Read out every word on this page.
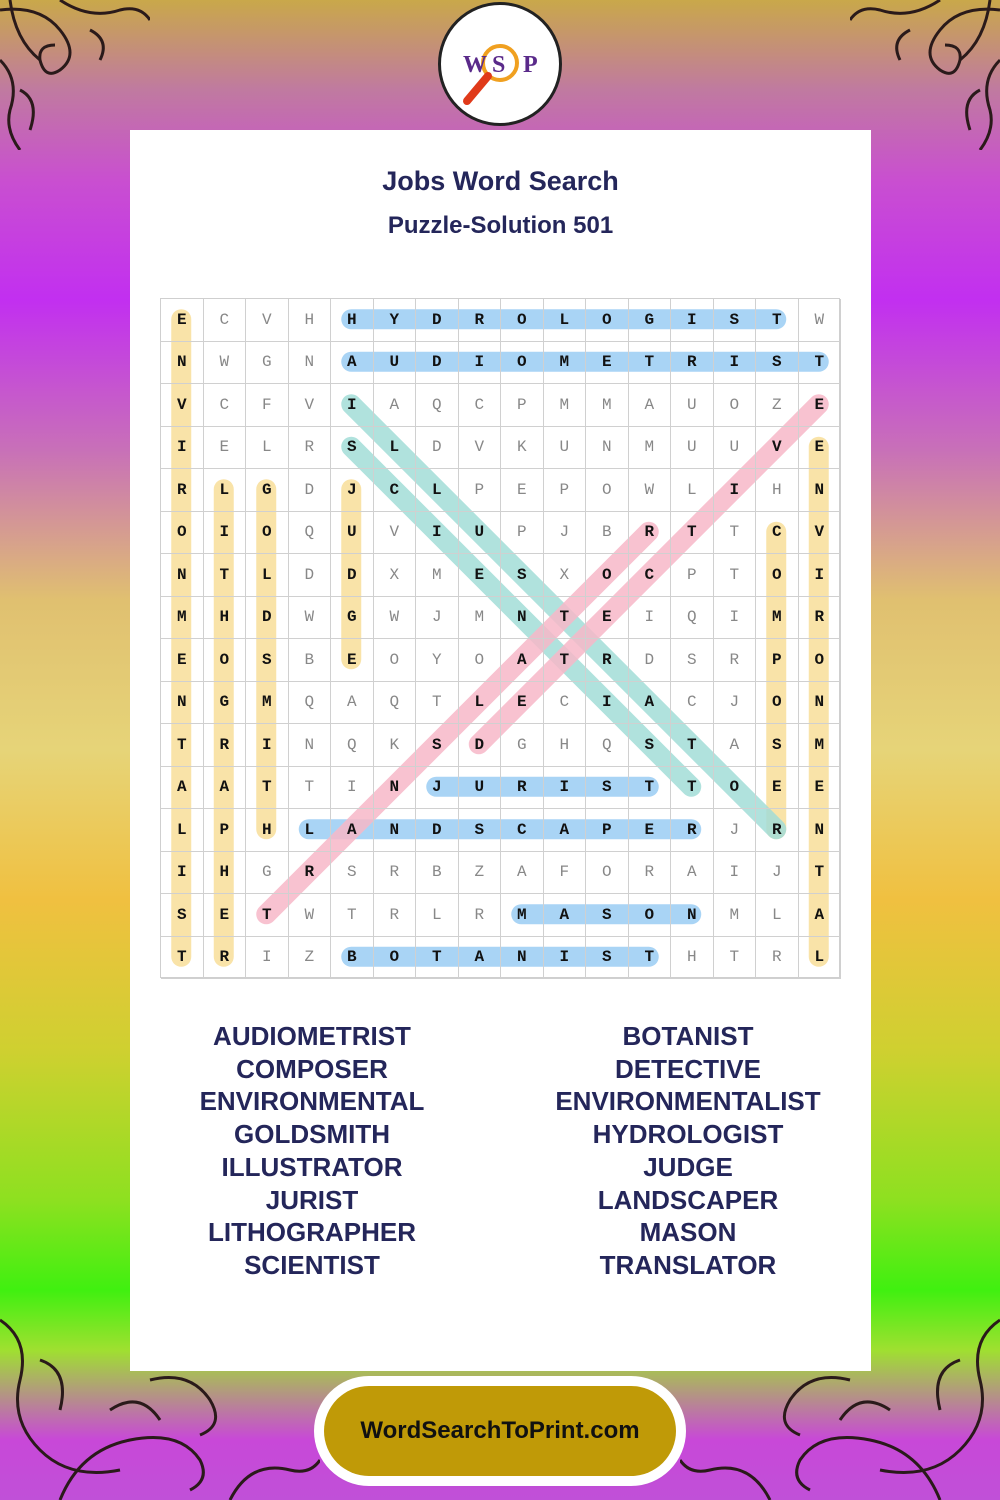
W S P
Jobs Word Search
Puzzle-Solution 501
E	C	V	H	H	Y	D	R	O	L	O	G	I	S	T	W
N	W	G	N	A	U	D	I	O	M	E	T	R	I	S	T
V	C	F	V	I	A	Q	C	P	M	M	A	U	O	Z	E
I	E	L	R	S	L	D	V	K	U	N	M	U	U	V	E
R	L	G	D	J	C	L	P	E	P	O	W	L	I	H	N
O	I	O	Q	U	V	I	U	P	J	B	R	T	T	C	V
N	T	L	D	D	X	M	E	S	X	O	C	P	T	O	I
M	H	D	W	G	W	J	M	N	T	E	I	Q	I	M	R
E	O	S	B	E	O	Y	O	A	T	R	D	S	R	P	O
N	G	M	Q	A	Q	T	L	E	C	I	A	C	J	O	N
T	R	I	N	Q	K	S	D	G	H	Q	S	T	A	S	M
A	A	T	T	I	N	J	U	R	I	S	T	T	O	E	E
L	P	H	L	A	N	D	S	C	A	P	E	R	J	R	N
I	H	G	R	S	R	B	Z	A	F	O	R	A	I	J	T
S	E	T	W	T	R	L	R	M	A	S	O	N	M	L	A
T	R	I	Z	B	O	T	A	N	I	S	T	H	T	R	L

AUDIOMETRIST

COMPOSER

ENVIRONMENTAL

GOLDSMITH

ILLUSTRATOR

JURIST

LITHOGRAPHER

SCIENTIST

BOTANIST

DETECTIVE

ENVIRONMENTALIST

HYDROLOGIST

JUDGE

LANDSCAPER

MASON

TRANSLATOR

WordSearchToPrint.com
